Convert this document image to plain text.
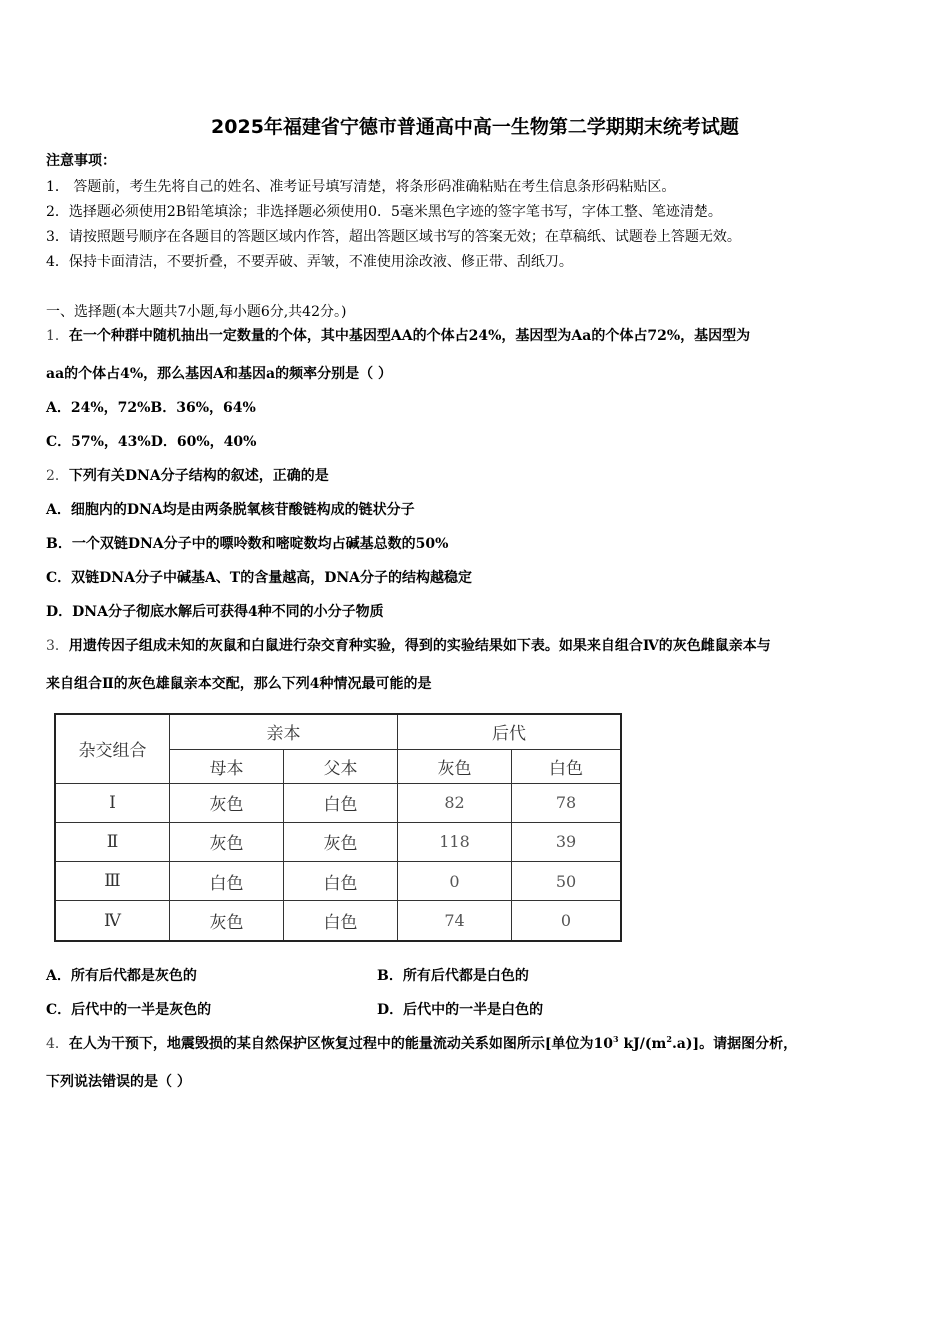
2025年福建省宁德市普通高中高一生物第二学期期末统考试题
注意事项：
1． 答题前，考生先将自己的姓名、准考证号填写清楚，将条形码准确粘贴在考生信息条形码粘贴区。
2．选择题必须使用2B铅笔填涂；非选择题必须使用0．5毫米黑色字迹的签字笔书写，字体工整、笔迹清楚。
3．请按照题号顺序在各题目的答题区域内作答，超出答题区域书写的答案无效；在草稿纸、试题卷上答题无效。
4．保持卡面清洁，不要折叠，不要弄破、弄皱，不准使用涂改液、修正带、刮纸刀。
一、选择题(本大题共7小题,每小题6分,共42分。)
1．在一个种群中随机抽出一定数量的个体，其中基因型AA的个体占24%，基因型为Aa的个体占72%，基因型为
aa的个体占4%，那么基因A和基因a的频率分别是（ ）
A．24%，72%B．36%，64%
C．57%，43%D．60%，40%
2．下列有关DNA分子结构的叙述，正确的是
A．细胞内的DNA均是由两条脱氧核苷酸链构成的链状分子
B．一个双链DNA分子中的嘌呤数和嘧啶数均占碱基总数的50%
C．双链DNA分子中碱基A、T的含量越高，DNA分子的结构越稳定
D．DNA分子彻底水解后可获得4种不同的小分子物质
3．用遗传因子组成未知的灰鼠和白鼠进行杂交育种实验，得到的实验结果如下表。如果来自组合Ⅳ的灰色雌鼠亲本与
来自组合Ⅱ的灰色雄鼠亲本交配，那么下列4种情况最可能的是
杂交组合	亲本		后代	
	母本	父本	灰色	白色
Ⅰ	灰色	白色	82	78
Ⅱ	灰色	灰色	118	39
Ⅲ	白色	白色	0	50
Ⅳ	灰色	白色	74	0
A．所有后代都是灰色的	B．所有后代都是白色的
C．后代中的一半是灰色的	D．后代中的一半是白色的
4．在人为干预下，地震毁损的某自然保护区恢复过程中的能量流动关系如图所示[单位为$10^3$ $kJ/(m^2.a)$]。请据图分析，
下列说法错误的是（ ）
